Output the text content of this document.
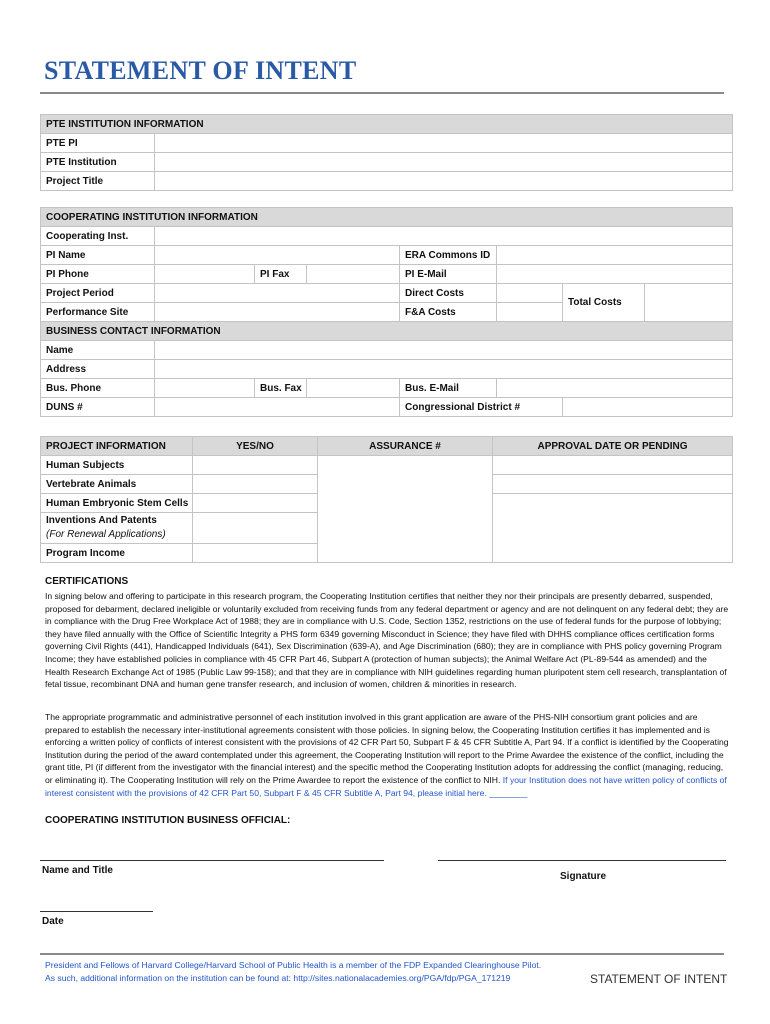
STATEMENT OF INTENT
PTE INSTITUTION INFORMATION	
PTE PI	
PTE Institution	
Project Title	
COOPERATING INSTITUTION INFORMATION							
Cooperating Inst.							
PI Name				ERA Commons ID			
PI Phone		PI Fax		PI E-Mail			
Project Period				Direct Costs		Total Costs	
Performance Site				F&A Costs			
BUSINESS CONTACT INFORMATION							
Name							
Address							
Bus. Phone		Bus. Fax		Bus. E-Mail			
DUNS #				Congressional District #			
PROJECT INFORMATION	YES/NO	ASSURANCE #	APPROVAL DATE OR PENDING
Human Subjects			
Vertebrate Animals			
Human Embryonic Stem Cells			

Inventions And Patents
(For Renewal Applications)			

Program Income			
CERTIFICATIONS
In signing below and offering to participate in this research program, the Cooperating Institution certifies that neither they nor their principals are presently debarred, suspended, proposed for debarment, declared ineligible or voluntarily excluded from receiving funds from any federal department or agency and are not delinquent on any federal debt; they are in compliance with the Drug Free Workplace Act of 1988; they are in compliance with U.S. Code, Section 1352, restrictions on the use of federal funds for the purpose of lobbying; they have filed annually with the Office of Scientific Integrity a PHS form 6349 governing Misconduct in Science; they have filed with DHHS compliance offices certification forms governing Civil Rights (441), Handicapped Individuals (641), Sex Discrimination (639-A), and Age Discrimination (680); they are in compliance with PHS policy governing Program Income; they have established policies in compliance with 45 CFR Part 46, Subpart A (protection of human subjects); the Animal Welfare Act (PL-89-544 as amended) and the Health Research Exchange Act of 1985 (Public Law 99-158); and that they are in compliance with NIH guidelines regarding human pluripotent stem cell research, transplantation of fetal tissue, recombinant DNA and human gene transfer research, and inclusion of women, children & minorities in research.
The appropriate programmatic and administrative personnel of each institution involved in this grant application are aware of the PHS-NIH consortium grant policies and are prepared to establish the necessary inter-institutional agreements consistent with those policies. In signing below, the Cooperating Institution certifies it has implemented and is enforcing a written policy of conflicts of interest consistent with the provisions of 42 CFR Part 50, Subpart F & 45 CFR Subtitle A, Part 94. If a conflict is identified by the Cooperating Institution during the period of the award contemplated under this agreement, the Cooperating Institution will report to the Prime Awardee the existence of the conflict, including the grant title, PI (if different from the investigator with the financial interest) and the specific method the Cooperating Institution adopts for addressing the conflict (managing, reducing, or eliminating it). The Cooperating Institution will rely on the Prime Awardee to report the existence of the conflict to NIH. If your Institution does not have written policy of conflicts of interest consistent with the provisions of 42 CFR Part 50, Subpart F & 45 CFR Subtitle A, Part 94, please initial here. ________
COOPERATING INSTITUTION BUSINESS OFFICIAL:
Name and Title
Signature
Date
President and Fellows of Harvard College/Harvard School of Public Health is a member of the FDP Expanded Clearinghouse Pilot.
As such, additional information on the institution can be found at: http://sites.nationalacademies.org/PGA/fdp/PGA_171219	STATEMENT OF INTENT
